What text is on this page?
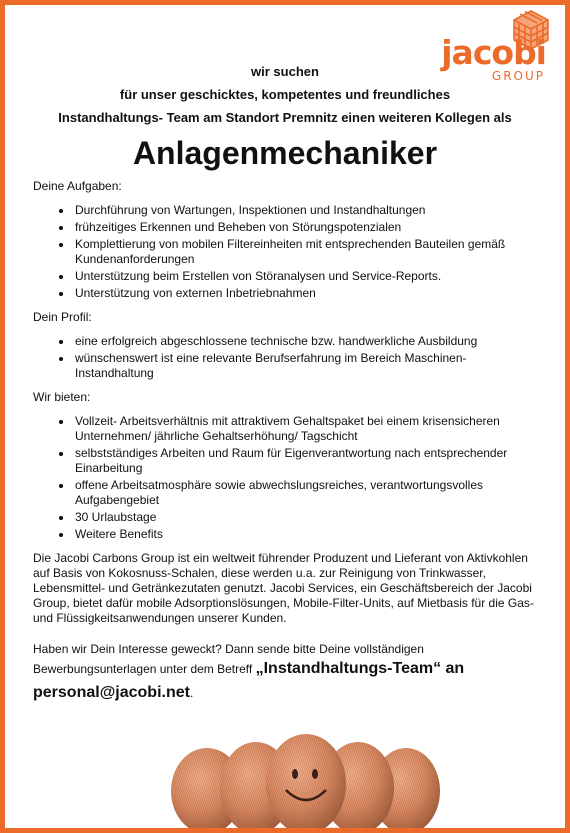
jacobi
GROUP
wir suchen
für unser geschicktes, kompetentes und freundliches
Instandhaltungs- Team am Standort Premnitz einen weiteren Kollegen als
Anlagenmechaniker

Deine Aufgaben:

• Durchführung von Wartungen, Inspektionen und Instandhaltungen
• frühzeitiges Erkennen und Beheben von Störungspotenzialen
• Komplettierung von mobilen Filtereinheiten mit entsprechenden Bauteilen gemäß Kundenanforderungen
• Unterstützung beim Erstellen von Störanalysen und Service-Reports.
• Unterstützung von externen Inbetriebnahmen

Dein Profil:

• eine erfolgreich abgeschlossene technische bzw. handwerkliche Ausbildung
• wünschenswert ist eine relevante Berufserfahrung im Bereich Maschinen-Instandhaltung

Wir bieten:

• Vollzeit- Arbeitsverhältnis mit attraktivem Gehaltspaket bei einem krisensicheren Unternehmen/ jährliche Gehaltserhöhung/ Tagschicht
• selbstständiges Arbeiten und Raum für Eigenverantwortung nach entsprechender Einarbeitung
• offene Arbeitsatmosphäre sowie abwechslungsreiches, verantwortungsvolles Aufgabengebiet
• 30 Urlaubstage
• Weitere Benefits

Die Jacobi Carbons Group ist ein weltweit führender Produzent und Lieferant von Aktivkohlen auf Basis von Kokosnuss-Schalen, diese werden u.a. zur Reinigung von Trinkwasser, Lebensmittel- und Getränkezutaten genutzt. Jacobi Services, ein Geschäftsbereich der Jacobi Group, bietet dafür mobile Adsorptionslösungen, Mobile-Filter-Units, auf Mietbasis für die Gas- und Flüssigkeitsanwendungen unserer Kunden.

Haben wir Dein Interesse geweckt? Dann sende bitte Deine vollständigen Bewerbungsunterlagen unter dem Betreff „Instandhaltungs-Team“ an
personal@jacobi.net.
